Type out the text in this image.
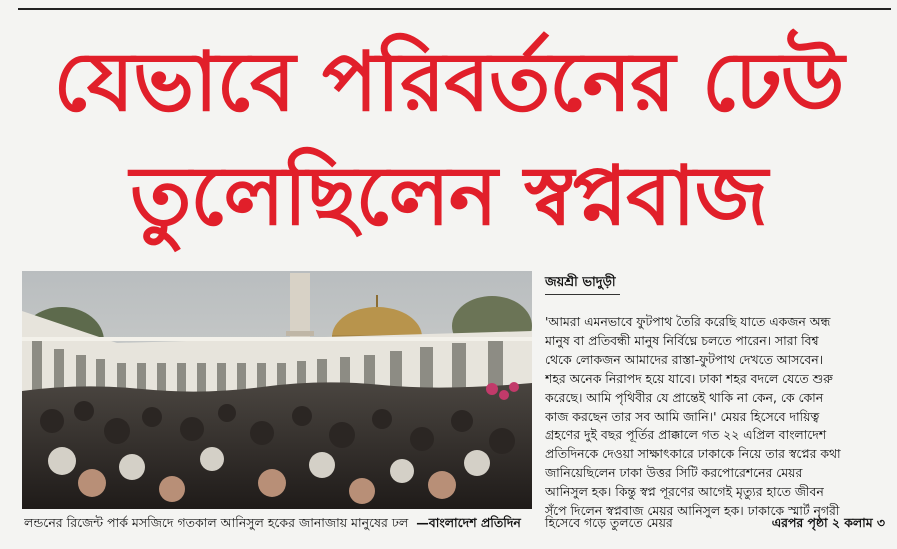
যেভাবে পরিবর্তনের ঢেউ
তুলেছিলেন স্বপ্নবাজ
লন্ডনের রিজেন্ট পার্ক মসজিদে গতকাল আনিসুল হকের জানাজায় মানুষের ঢল —বাংলাদেশ প্রতিদিন
জয়শ্রী ভাদুড়ী
'আমরা এমনভাবে ফুটপাথ তৈরি করেছি যাতে একজন অন্ধ
মানুষ বা প্রতিবন্ধী মানুষ নির্বিঘ্নে চলতে পারেন। সারা বিশ্ব
থেকে লোকজন আমাদের রাস্তা-ফুটপাথ দেখতে আসবেন।
শহর অনেক নিরাপদ হয়ে যাবে। ঢাকা শহর বদলে যেতে শুরু
করেছে। আমি পৃথিবীর যে প্রান্তেই থাকি না কেন, কে কোন
কাজ করছেন তার সব আমি জানি।' মেয়র হিসেবে দায়িত্ব
গ্রহণের দুই বছর পূর্তির প্রাক্কালে গত ২২ এপ্রিল বাংলাদেশ
প্রতিদিনকে দেওয়া সাক্ষাৎকারে ঢাকাকে নিয়ে তার স্বপ্নের কথা
জানিয়েছিলেন ঢাকা উত্তর সিটি করপোরেশনের মেয়র
আনিসুল হক। কিন্তু স্বপ্ন পূরণের আগেই মৃত্যুর হাতে জীবন
সঁপে দিলেন স্বপ্নবাজ মেয়র আনিসুল হক। ঢাকাকে স্মার্ট নগরী
হিসেবে গড়ে তুলতে মেয়র	এরপর পৃষ্ঠা ২ কলাম ৩
